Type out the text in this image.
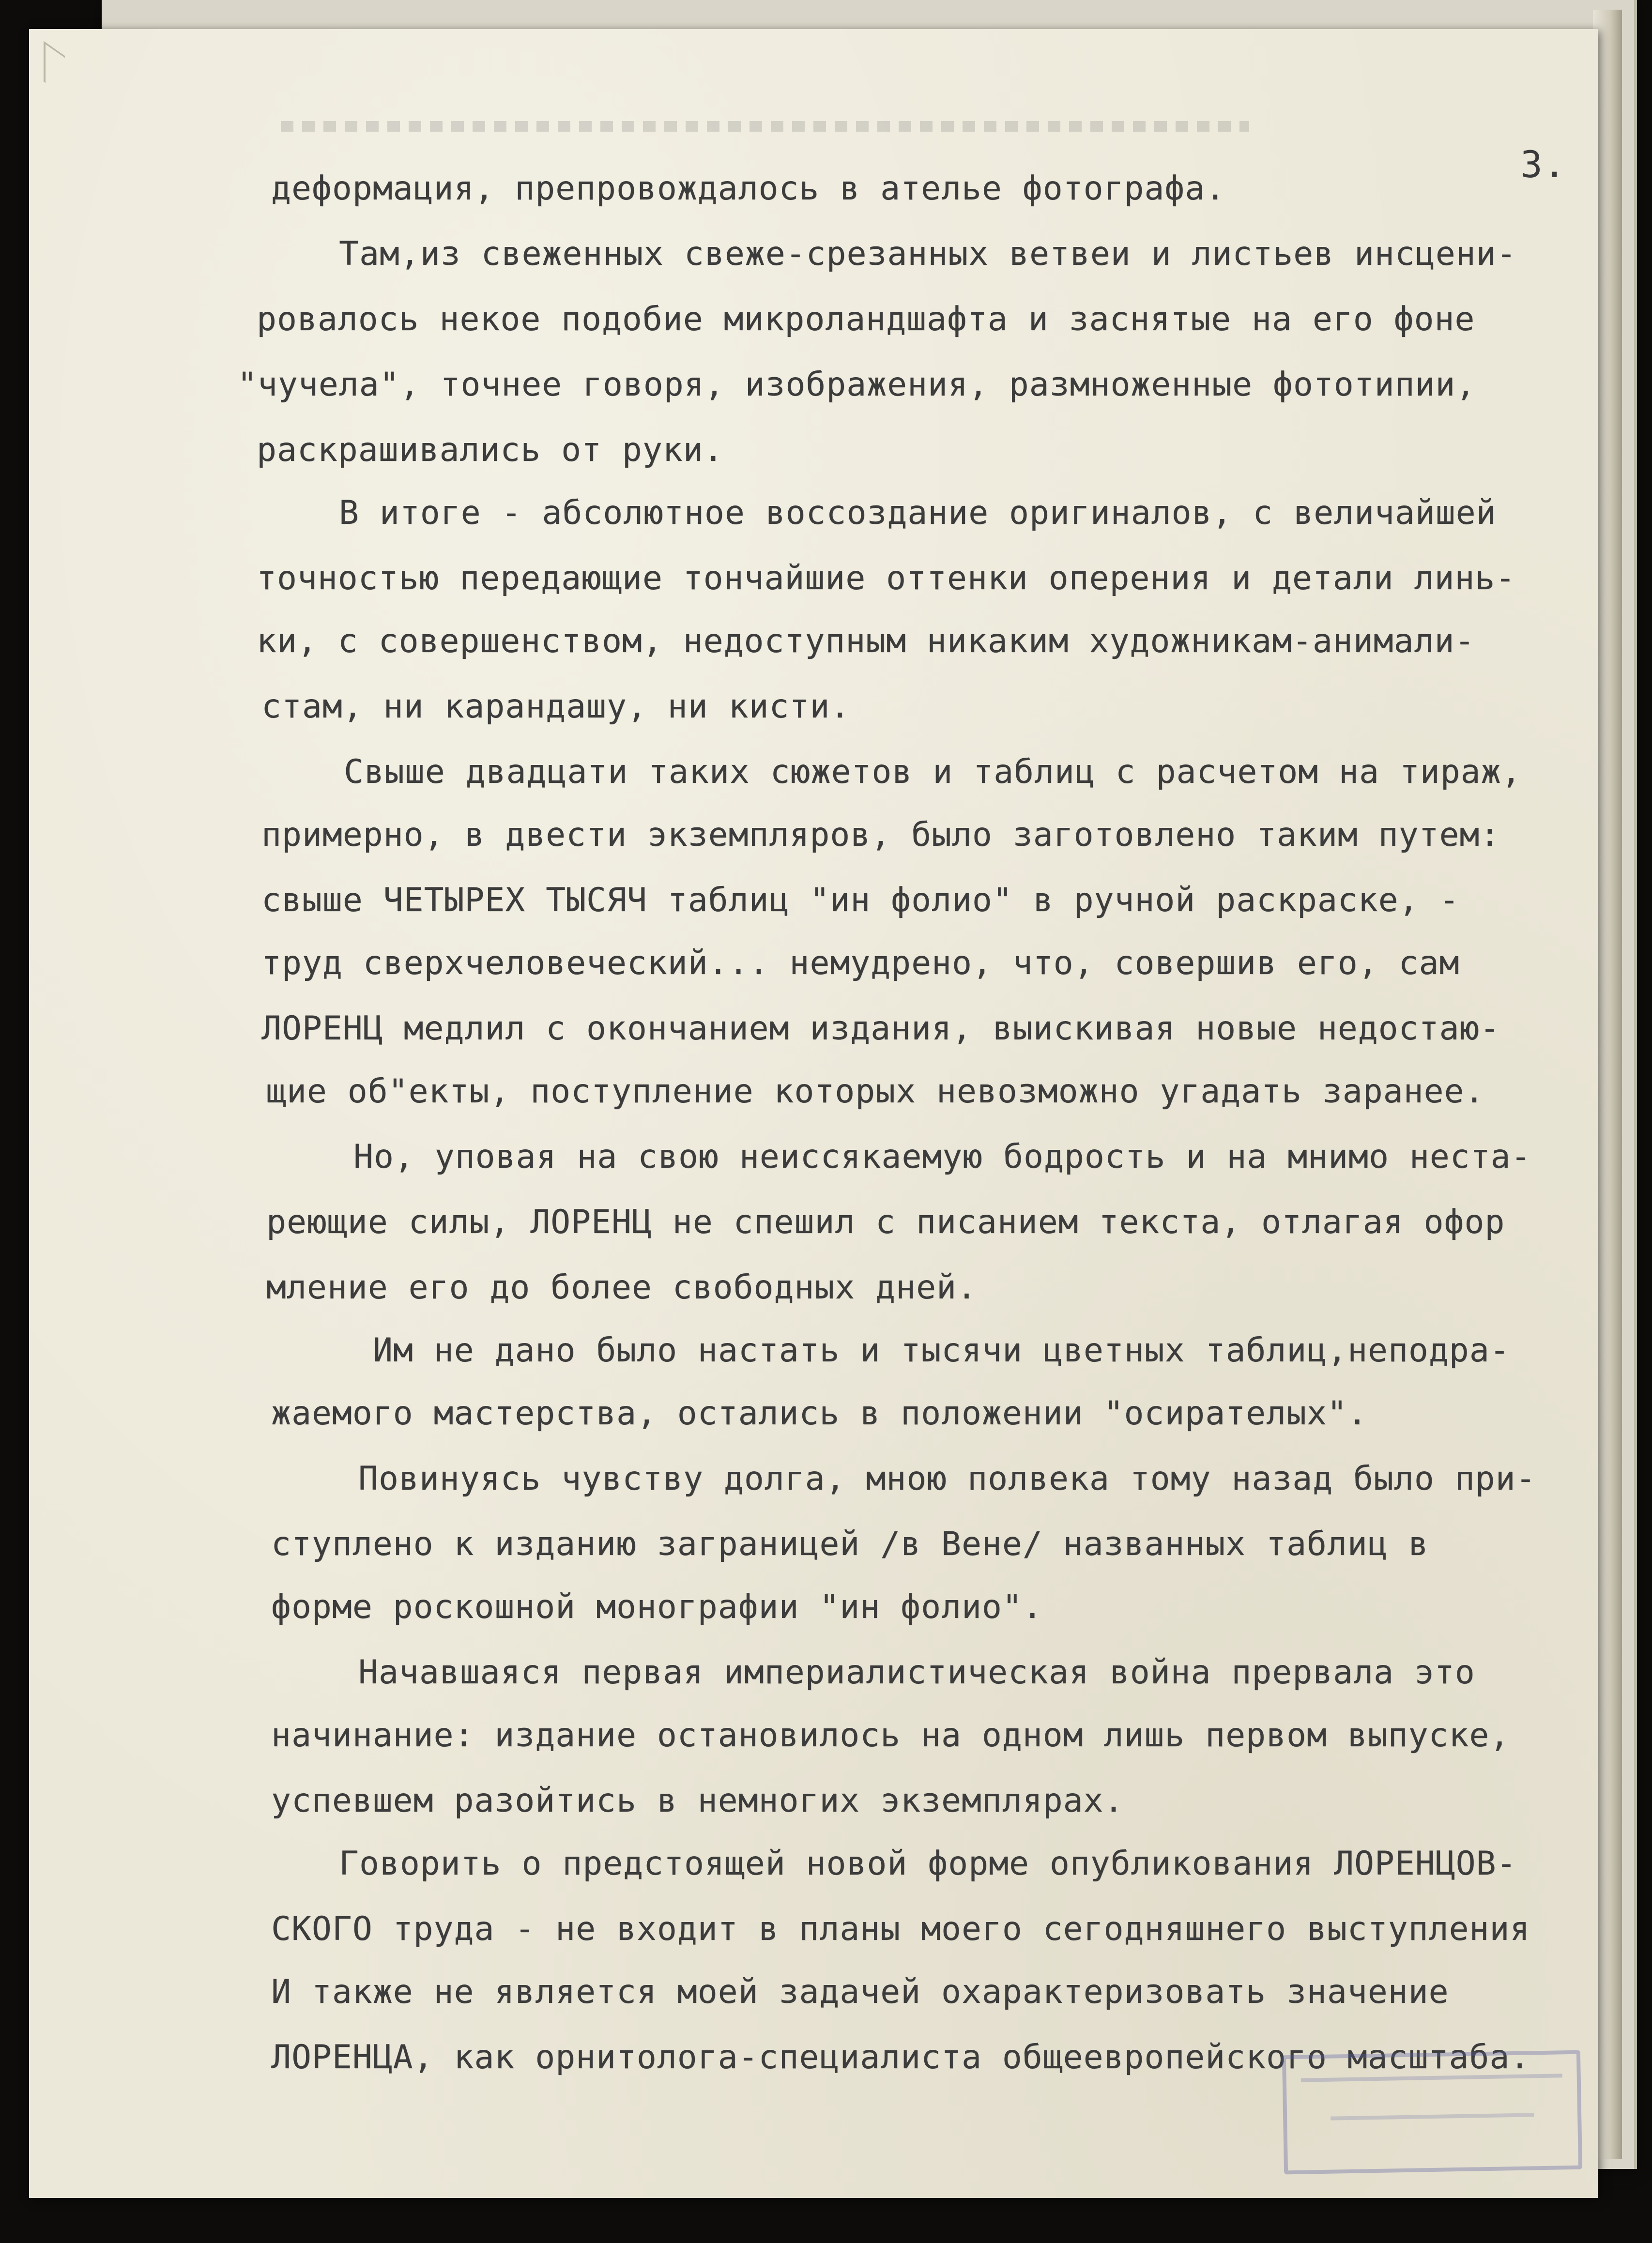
3.
деформация, препровождалось в ателье фотографа.
Там,из свеженных свеже-срезанных ветвеи и листьев инсцени-
ровалось некое подобие микроландшафта и заснятые на его фоне
"чучела", точнее говоря, изображения, размноженные фототипии,
раскрашивались от руки.
В итоге - абсолютное воссоздание оригиналов, с величайшей
точностью передающие тончайшие оттенки оперения и детали линь-
ки, с совершенством, недоступным никаким художникам-анимали-
стам, ни карандашу, ни кисти.
Свыше двадцати таких сюжетов и таблиц с расчетом на тираж,
примерно, в двести экземпляров, было заготовлено таким путем:
свыше ЧЕТЫРЕХ ТЫСЯЧ таблиц "ин фолио" в ручной раскраске, -
труд сверхчеловеческий... немудрено, что, совершив его, сам
ЛОРЕНЦ медлил с окончанием издания, выискивая новые недостаю-
щие об"екты, поступление которых невозможно угадать заранее.
Но, уповая на свою неиссякаемую бодрость и на мнимо неста-
реющие силы, ЛОРЕНЦ не спешил с писанием текста, отлагая офор
мление его до более свободных дней.
Им не дано было настать и тысячи цветных таблиц,неподра-
жаемого мастерства, остались в положении "осирателых".
Повинуясь чувству долга, мною полвека тому назад было при-
ступлено к изданию заграницей /в Вене/ названных таблиц в
форме роскошной монографии "ин фолио".
Начавшаяся первая империалистическая война прервала это
начинание: издание остановилось на одном лишь первом выпуске,
успевшем разойтись в немногих экземплярах.
Говорить о предстоящей новой форме опубликования ЛОРЕНЦОВ-
СКОГО труда - не входит в планы моего сегодняшнего выступления
И также не является моей задачей охарактеризовать значение
ЛОРЕНЦА, как орнитолога-специалиста общеевропейского масштаба.
